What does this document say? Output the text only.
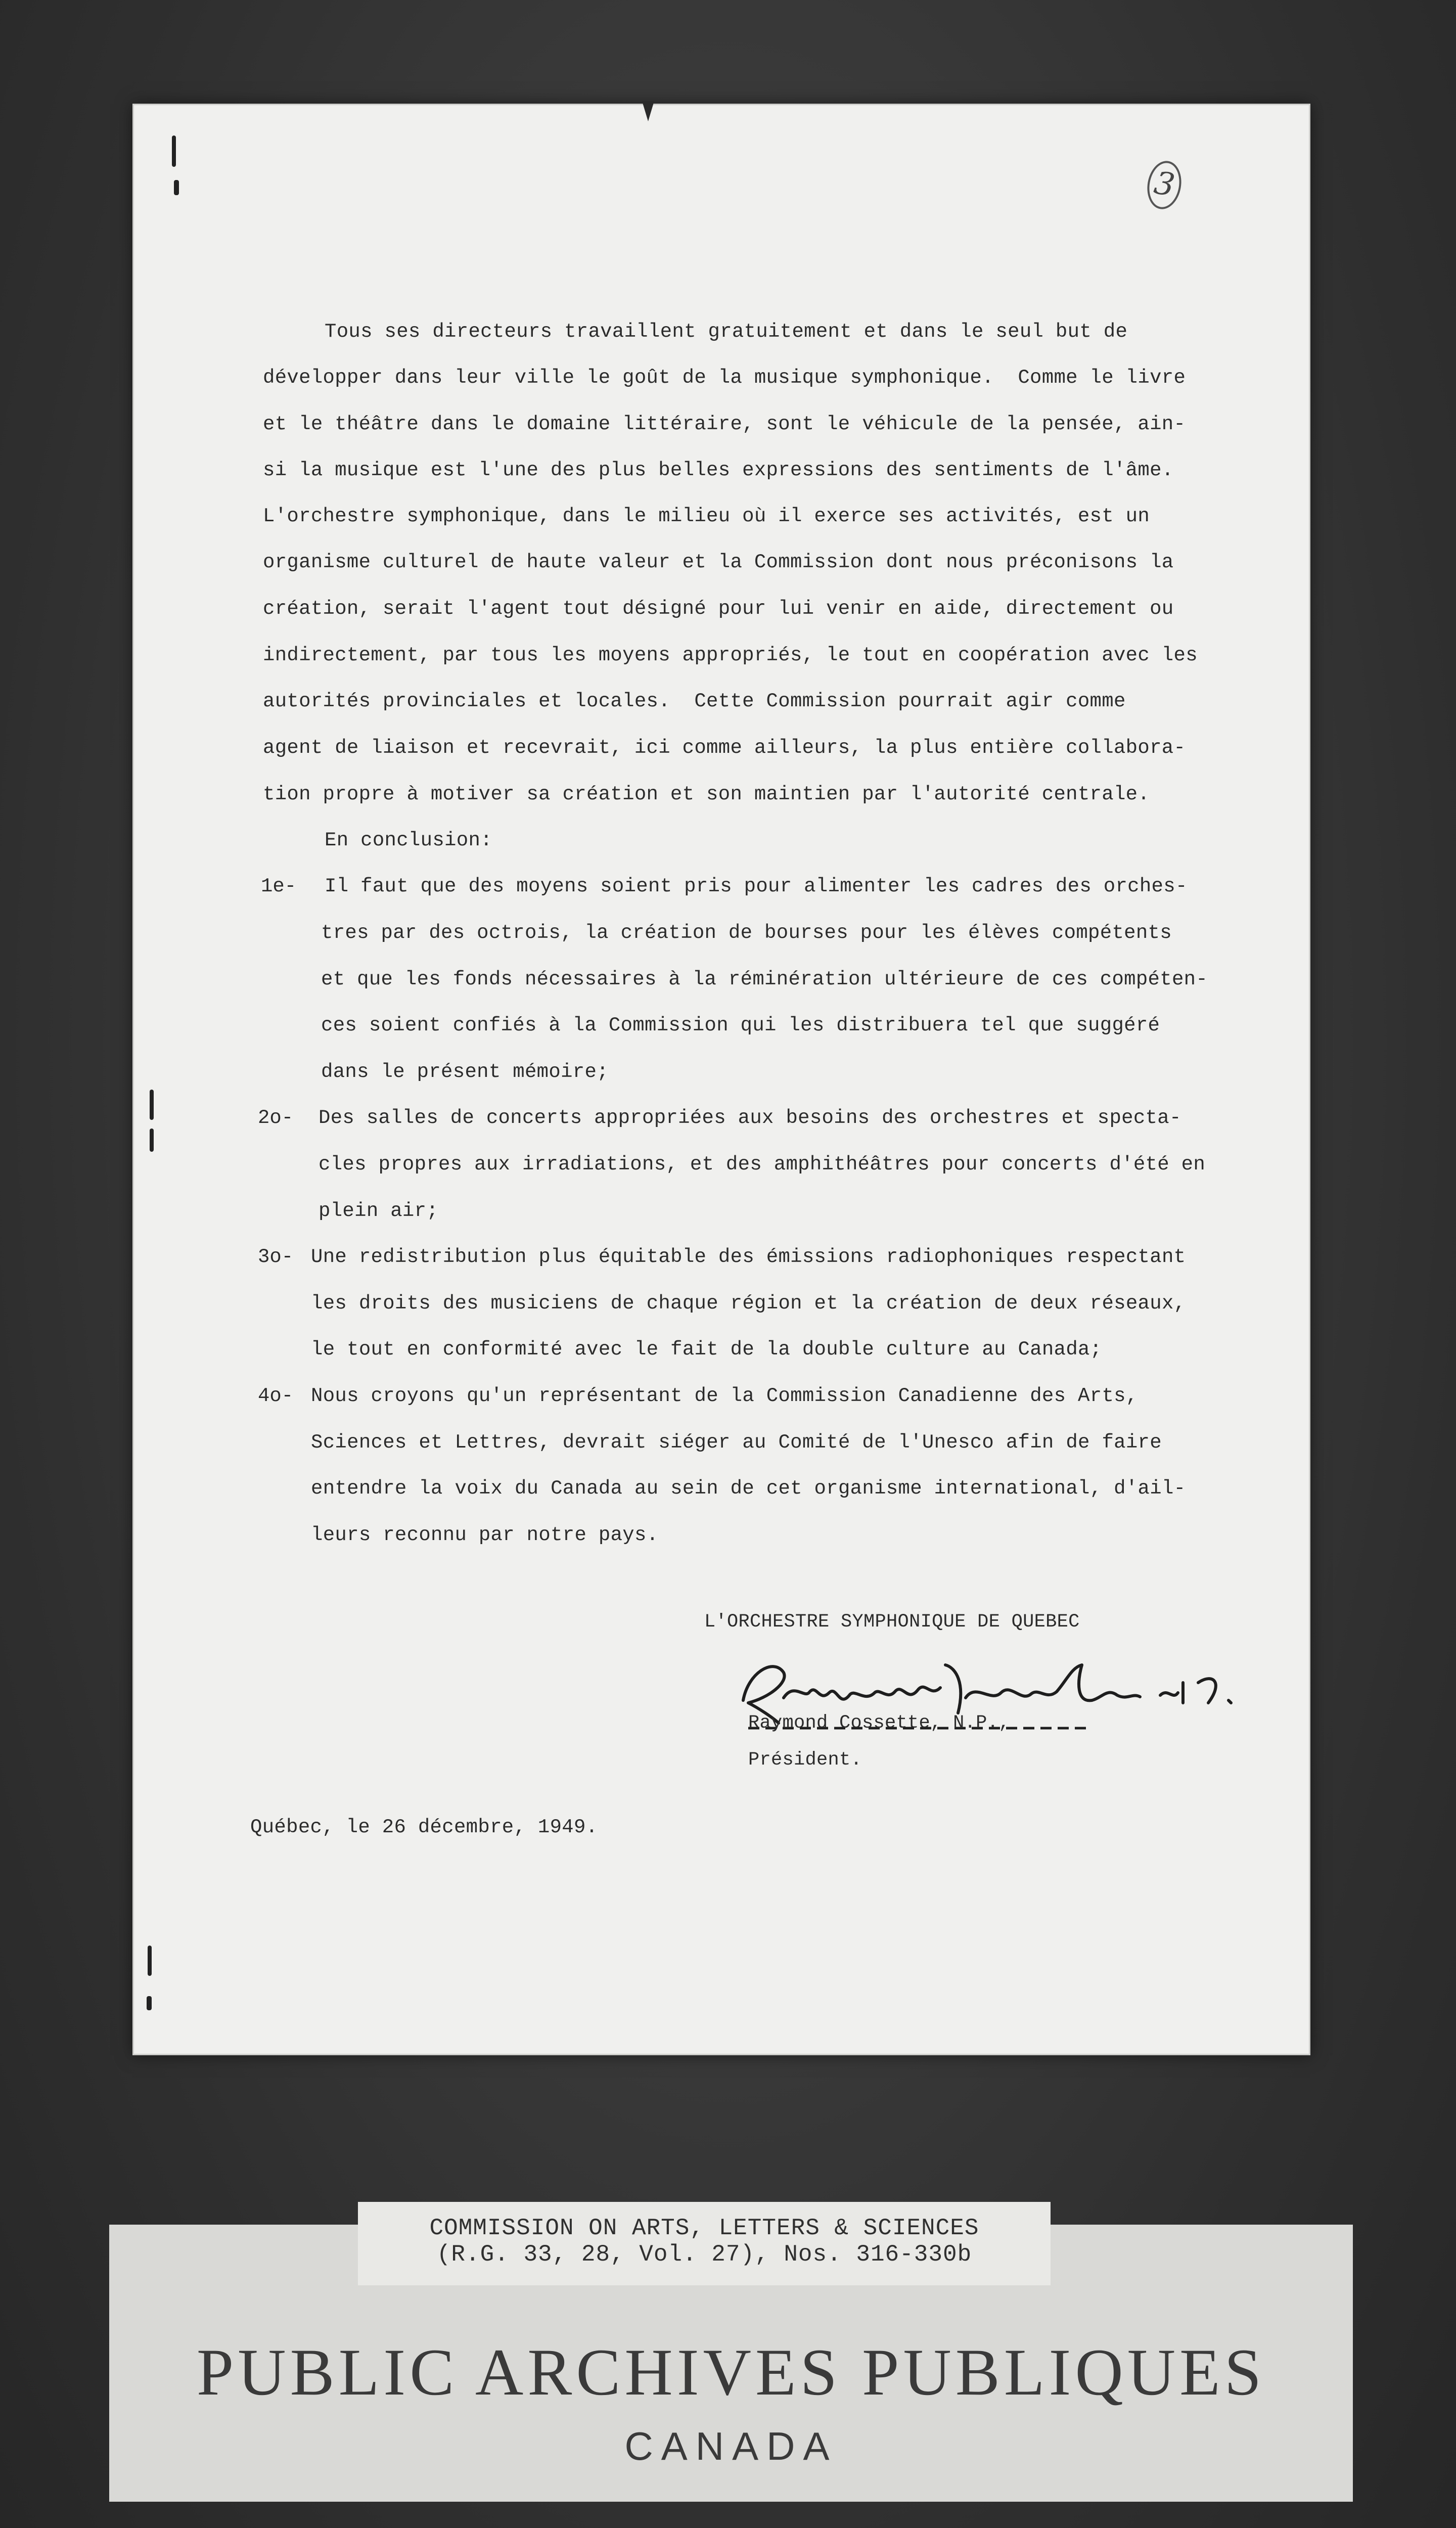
3
Tous ses directeurs travaillent gratuitement et dans le seul but de
développer dans leur ville le goût de la musique symphonique.  Comme le livre
et le théâtre dans le domaine littéraire, sont le véhicule de la pensée, ain-
si la musique est l'une des plus belles expressions des sentiments de l'âme.
L'orchestre symphonique, dans le milieu où il exerce ses activités, est un
organisme culturel de haute valeur et la Commission dont nous préconisons la
création, serait l'agent tout désigné pour lui venir en aide, directement ou
indirectement, par tous les moyens appropriés, le tout en coopération avec les
autorités provinciales et locales.  Cette Commission pourrait agir comme
agent de liaison et recevrait, ici comme ailleurs, la plus entière collabora-
tion propre à motiver sa création et son maintien par l'autorité centrale.
En conclusion:
1e- Il faut que des moyens soient pris pour alimenter les cadres des orches-
tres par des octrois, la création de bourses pour les élèves compétents
et que les fonds nécessaires à la réminération ultérieure de ces compéten-
ces soient confiés à la Commission qui les distribuera tel que suggéré
dans le présent mémoire;
2o- Des salles de concerts appropriées aux besoins des orchestres et specta-
cles propres aux irradiations, et des amphithéâtres pour concerts d'été en
plein air;
3o- Une redistribution plus équitable des émissions radiophoniques respectant
les droits des musiciens de chaque région et la création de deux réseaux,
le tout en conformité avec le fait de la double culture au Canada;
4o- Nous croyons qu'un représentant de la Commission Canadienne des Arts,
Sciences et Lettres, devrait siéger au Comité de l'Unesco afin de faire
entendre la voix du Canada au sein de cet organisme international, d'ail-
leurs reconnu par notre pays.
L'ORCHESTRE SYMPHONIQUE DE QUEBEC
Raymond Cossette, N.P.,
Président.
Québec, le 26 décembre, 1949.
COMMISSION ON ARTS, LETTERS & SCIENCES
(R.G. 33, 28, Vol. 27), Nos. 316-330b
PUBLIC ARCHIVES PUBLIQUES
CANADA
